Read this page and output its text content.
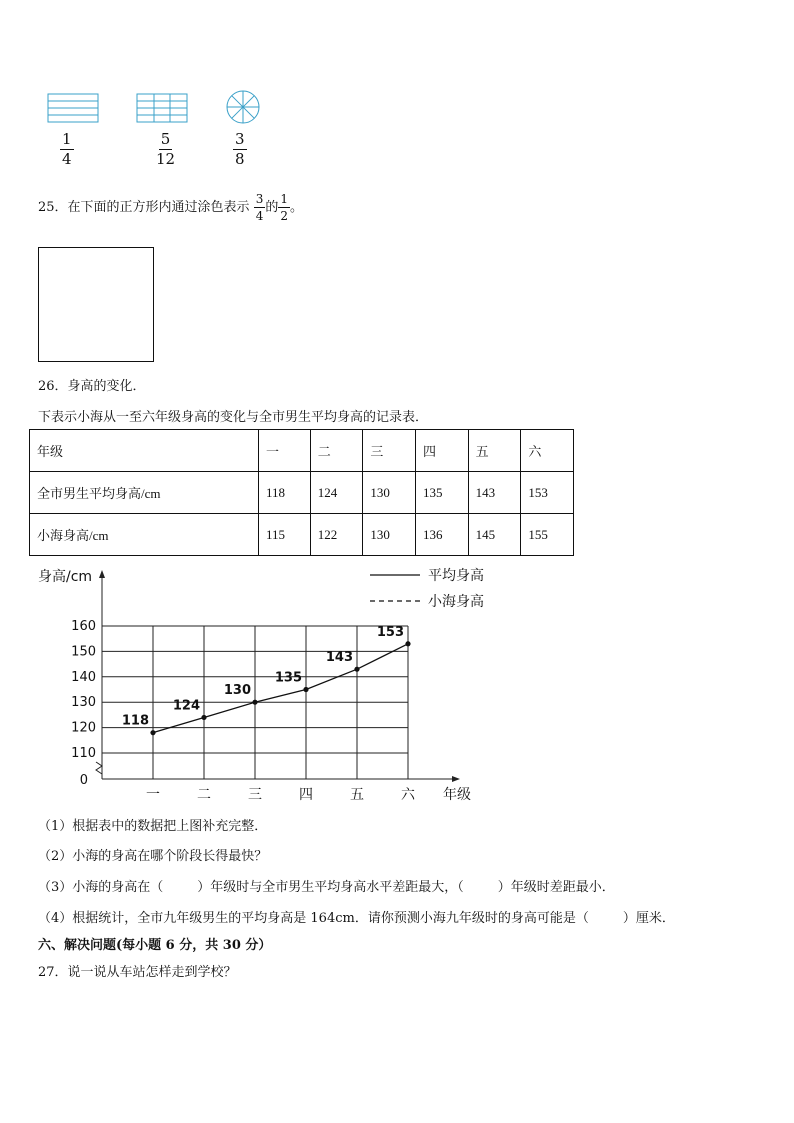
$\frac{1}{4}$	$\frac{5}{12}$	$\frac{3}{8}$
25．在下面的正方形内通过涂色表示 $\frac{3}{4}$ 的 $\frac{1}{2}$ 。
26．身高的变化．
下表示小海从一至六年级身高的变化与全市男生平均身高的记录表．
年级	一	二	三	四	五	六
全市男生平均身高/cm	118	124	130	135	143	153
小海身高/cm	115	122	130	136	145	155
160
150
140
130
120
110
0
身高/cm
一	二	三	四	五	六 年级
118
124
130
135
143
153
平均身高
小海身高
（1）根据表中的数据把上图补充完整．
（2）小海的身高在哪个阶段长得最快？
（3）小海的身高在（	）年级时与全市男生平均身高水平差距最大，（	）年级时差距最小．
（4）根据统计，全市九年级男生的平均身高是 164cm．请你预测小海九年级时的身高可能是（	）厘米．
六、解决问题(每小题 6 分，共 30 分）
27．说一说从车站怎样走到学校？
